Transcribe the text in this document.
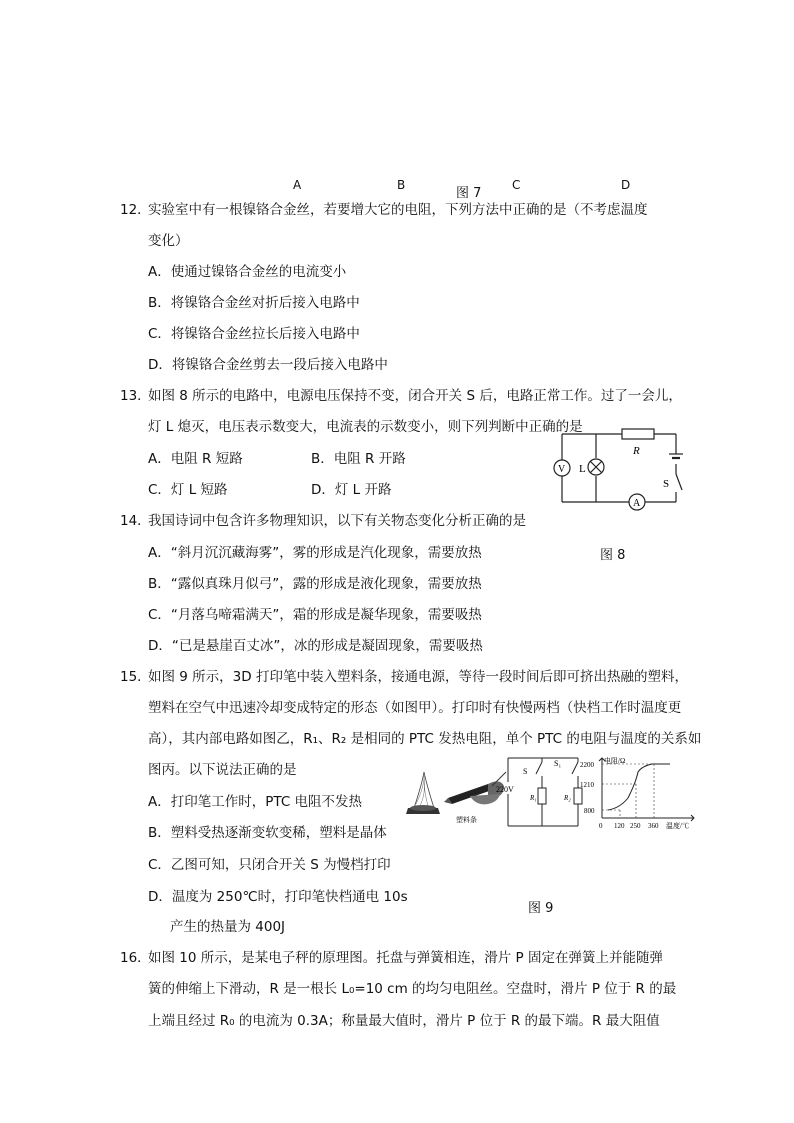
A	B
图 7
C	D
12．
实验室中有一根镍铬合金丝，若要增大它的电阻，下列方法中正确的是（不考虑温度
变化）
A．使通过镍铬合金丝的电流变小
B．将镍铬合金丝对折后接入电路中
C．将镍铬合金丝拉长后接入电路中
D．将镍铬合金丝剪去一段后接入电路中
13．
如图 8 所示的电路中，电源电压保持不变，闭合开关 S 后，电路正常工作。过了一会儿，
灯 L 熄灭，电压表示数变大，电流表的示数变小，则下列判断中正确的是
A．电阻 R 短路	B．电阻 R 开路
C．灯 L 短路	D．灯 L 开路
V L
R
S
A
14．
我国诗词中包含许多物理知识，以下有关物态变化分析正确的是
图 8
A．“斜月沉沉藏海雾”，雾的形成是汽化现象，需要放热
B．“露似真珠月似弓”，露的形成是液化现象，需要放热
C．“月落乌啼霜满天”，霜的形成是凝华现象，需要吸热
D．“已是悬崖百丈冰”，冰的形成是凝固现象，需要吸热
15．
如图 9 所示，3D 打印笔中装入塑料条，接通电源，等待一段时间后即可挤出热融的塑料，
塑料在空气中迅速冷却变成特定的形态（如图甲）。打印时有快慢两档（快档工作时温度更
高），其内部电路如图乙，R₁、R₂ 是相同的 PTC 发热电阻，单个 PTC 的电阻与温度的关系如
图丙。以下说法正确的是
A．打印笔工作时，PTC 电阻不发热
B．塑料受热逐渐变软变稀，塑料是晶体
C．乙图可知，只闭合开关 S 为慢档打印
D．温度为 250℃时，打印笔快档通电 10s
产生的热量为 400J
塑料条
S
S₁
220V
R₁	R₂
电阻/Ω
2200
1210
800
0 120 250 360 温度/℃
图 9
16．
如图 10 所示，是某电子秤的原理图。托盘与弹簧相连，滑片 P 固定在弹簧上并能随弹
簧的伸缩上下滑动，R 是一根长 L₀=10 cm 的均匀电阻丝。空盘时，滑片 P 位于 R 的最
上端且经过 R₀ 的电流为 0.3A；称量最大值时，滑片 P 位于 R 的最下端。R 最大阻值
